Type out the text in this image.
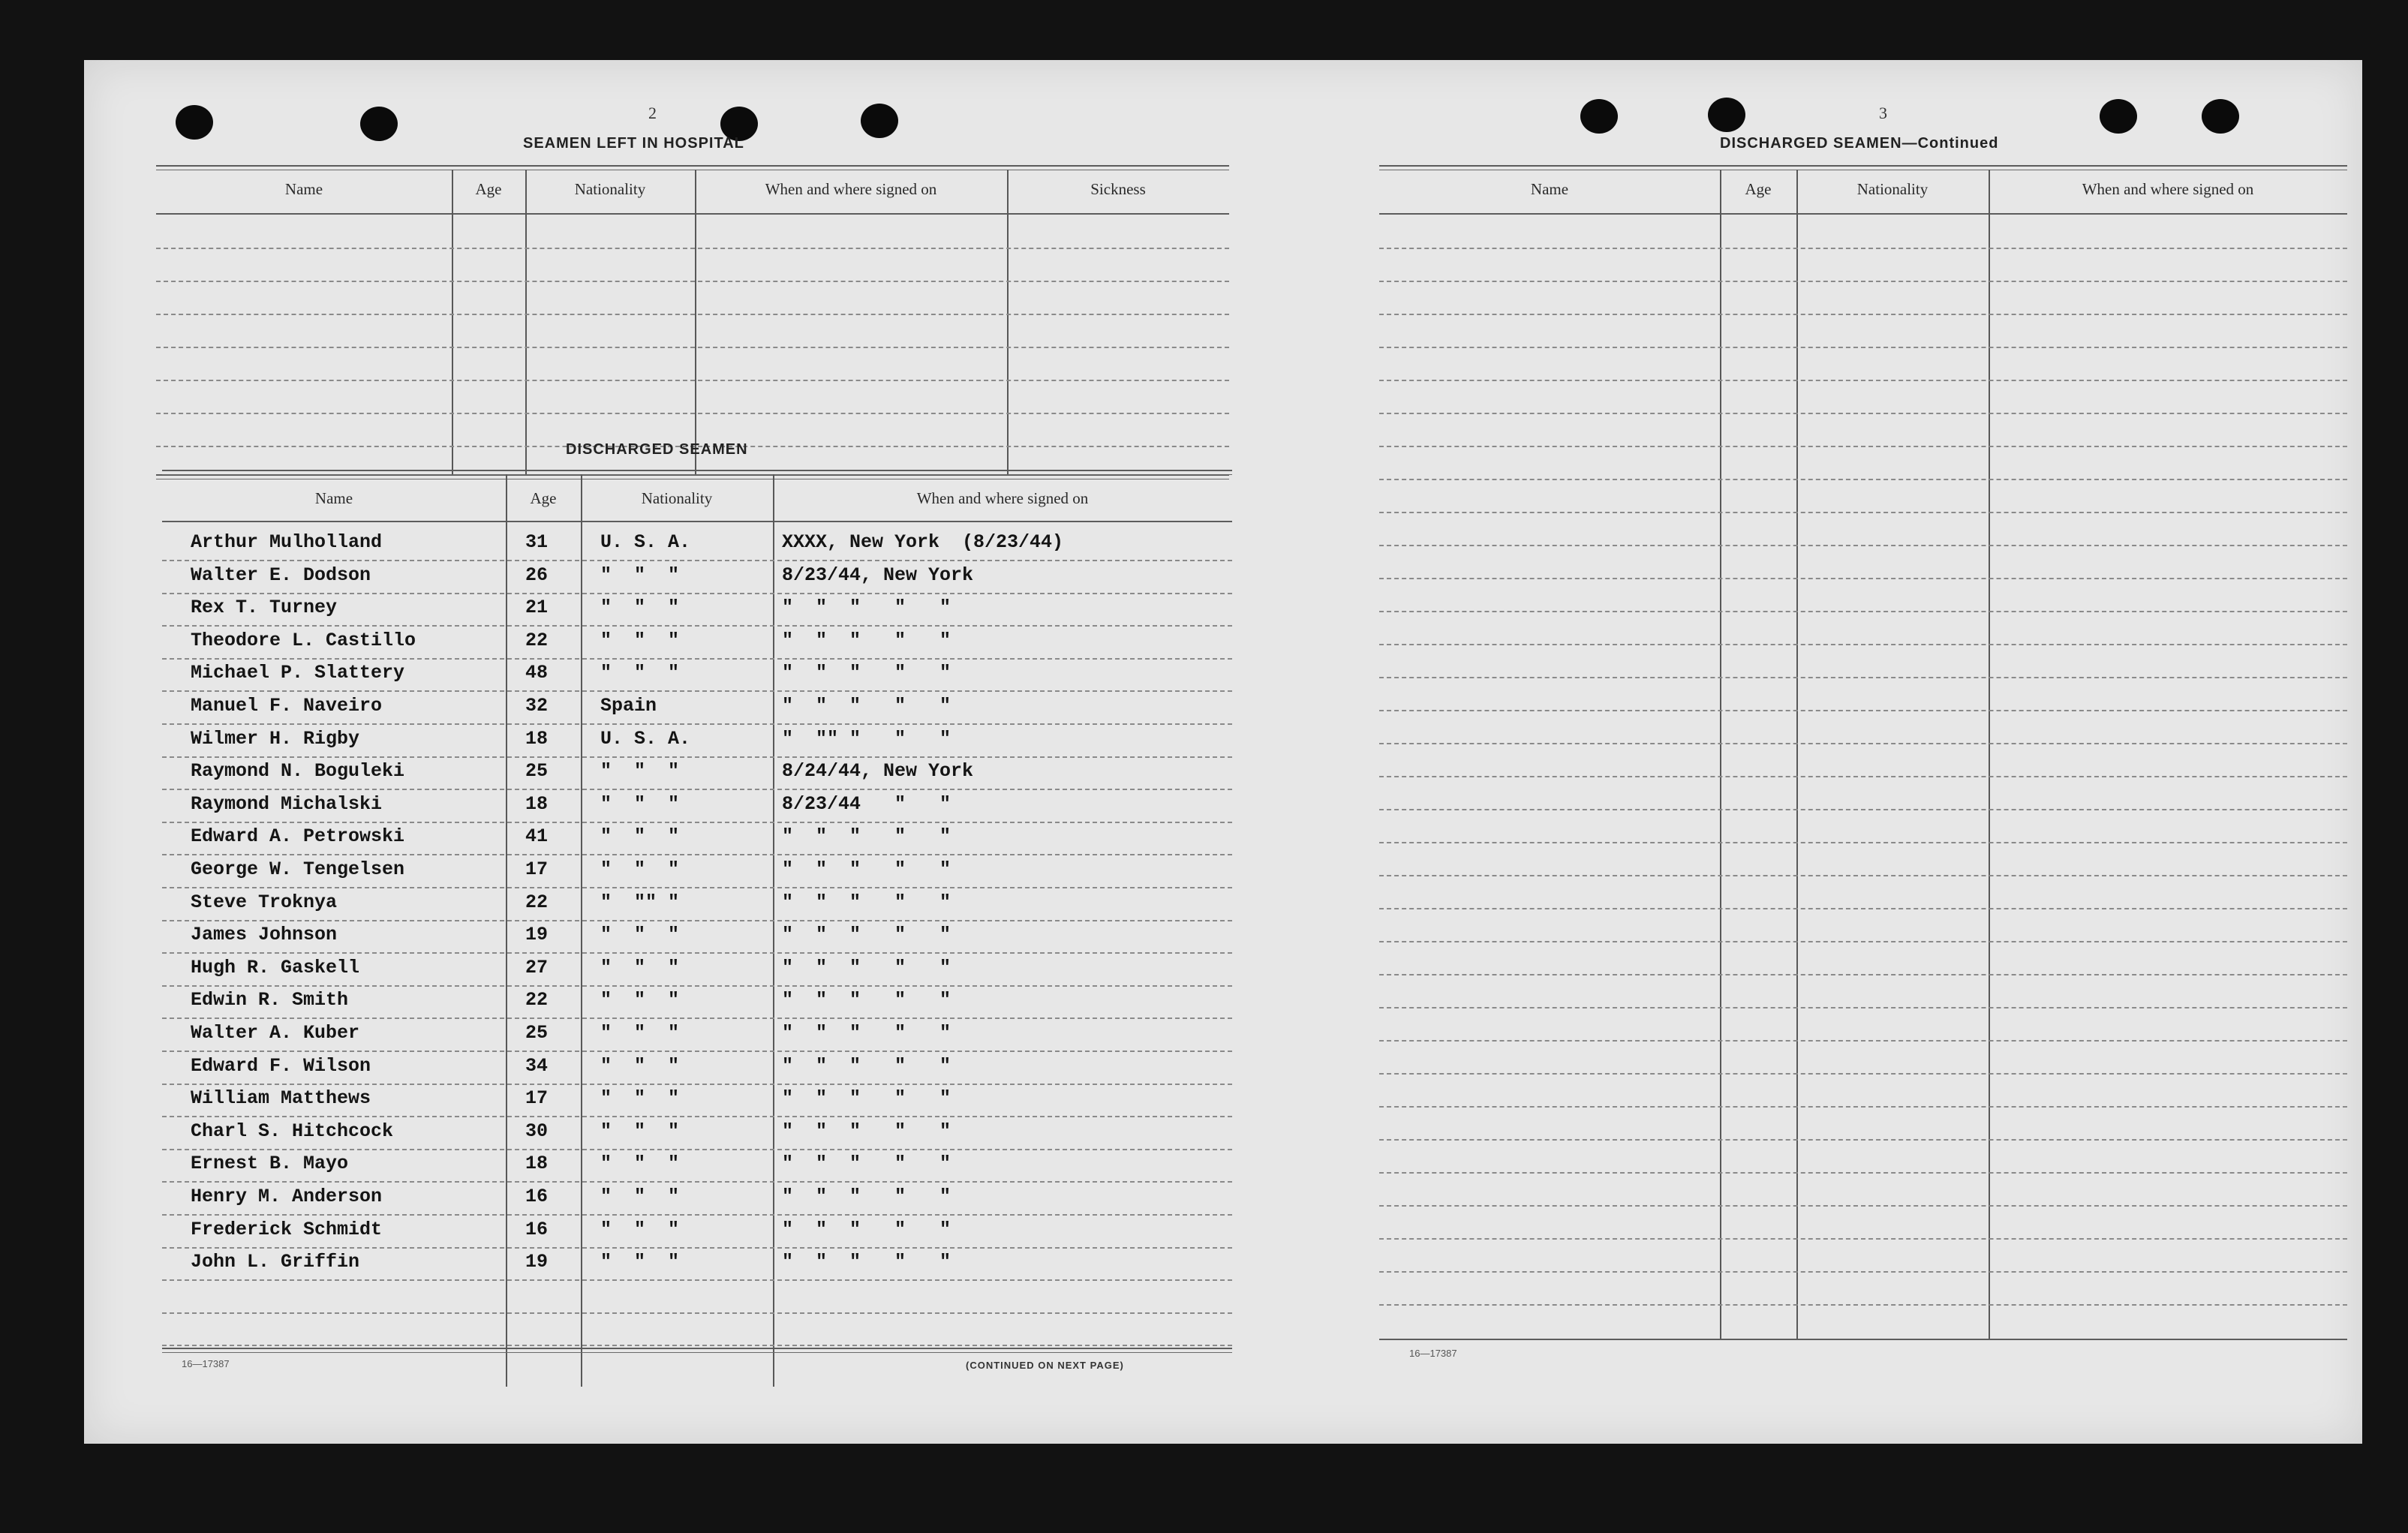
2
SEAMEN LEFT IN HOSPITAL
Name	Age	Nationality	When and where signed on	Sickness
DISCHARGED SEAMEN
Name	Age	Nationality	When and where signed on
Arthur Mulholland	31	U. S. A.	XXXX, New York  (8/23/44)
Walter E. Dodson	26	"  "  "	8/23/44, New York
Rex T. Turney	21	"  "  "	"  "  "   "   "
Theodore L. Castillo	22	"  "  "	"  "  "   "   "
Michael P. Slattery	48	"  "  "	"  "  "   "   "
Manuel F. Naveiro	32	Spain	"  "  "   "   "
Wilmer H. Rigby	18	U. S. A.	"  "" "   "   "
Raymond N. Boguleki	25	"  "  "	8/24/44, New York
Raymond Michalski	18	"  "  "	8/23/44   "   "
Edward A. Petrowski	41	"  "  "	"  "  "   "   "
George W. Tengelsen	17	"  "  "	"  "  "   "   "
Steve Troknya	22	"  "" "	"  "  "   "   "
James Johnson	19	"  "  "	"  "  "   "   "
Hugh R. Gaskell	27	"  "  "	"  "  "   "   "
Edwin R. Smith	22	"  "  "	"  "  "   "   "
Walter A. Kuber	25	"  "  "	"  "  "   "   "
Edward F. Wilson	34	"  "  "	"  "  "   "   "
William Matthews	17	"  "  "	"  "  "   "   "
Charl S. Hitchcock	30	"  "  "	"  "  "   "   "
Ernest B. Mayo	18	"  "  "	"  "  "   "   "
Henry M. Anderson	16	"  "  "	"  "  "   "   "
Frederick Schmidt	16	"  "  "	"  "  "   "   "
John L. Griffin	19	"  "  "	"  "  "   "   "
16—17387	(CONTINUED ON NEXT PAGE)
3
DISCHARGED SEAMEN—Continued
Name	Age	Nationality	When and where signed on
16—17387
